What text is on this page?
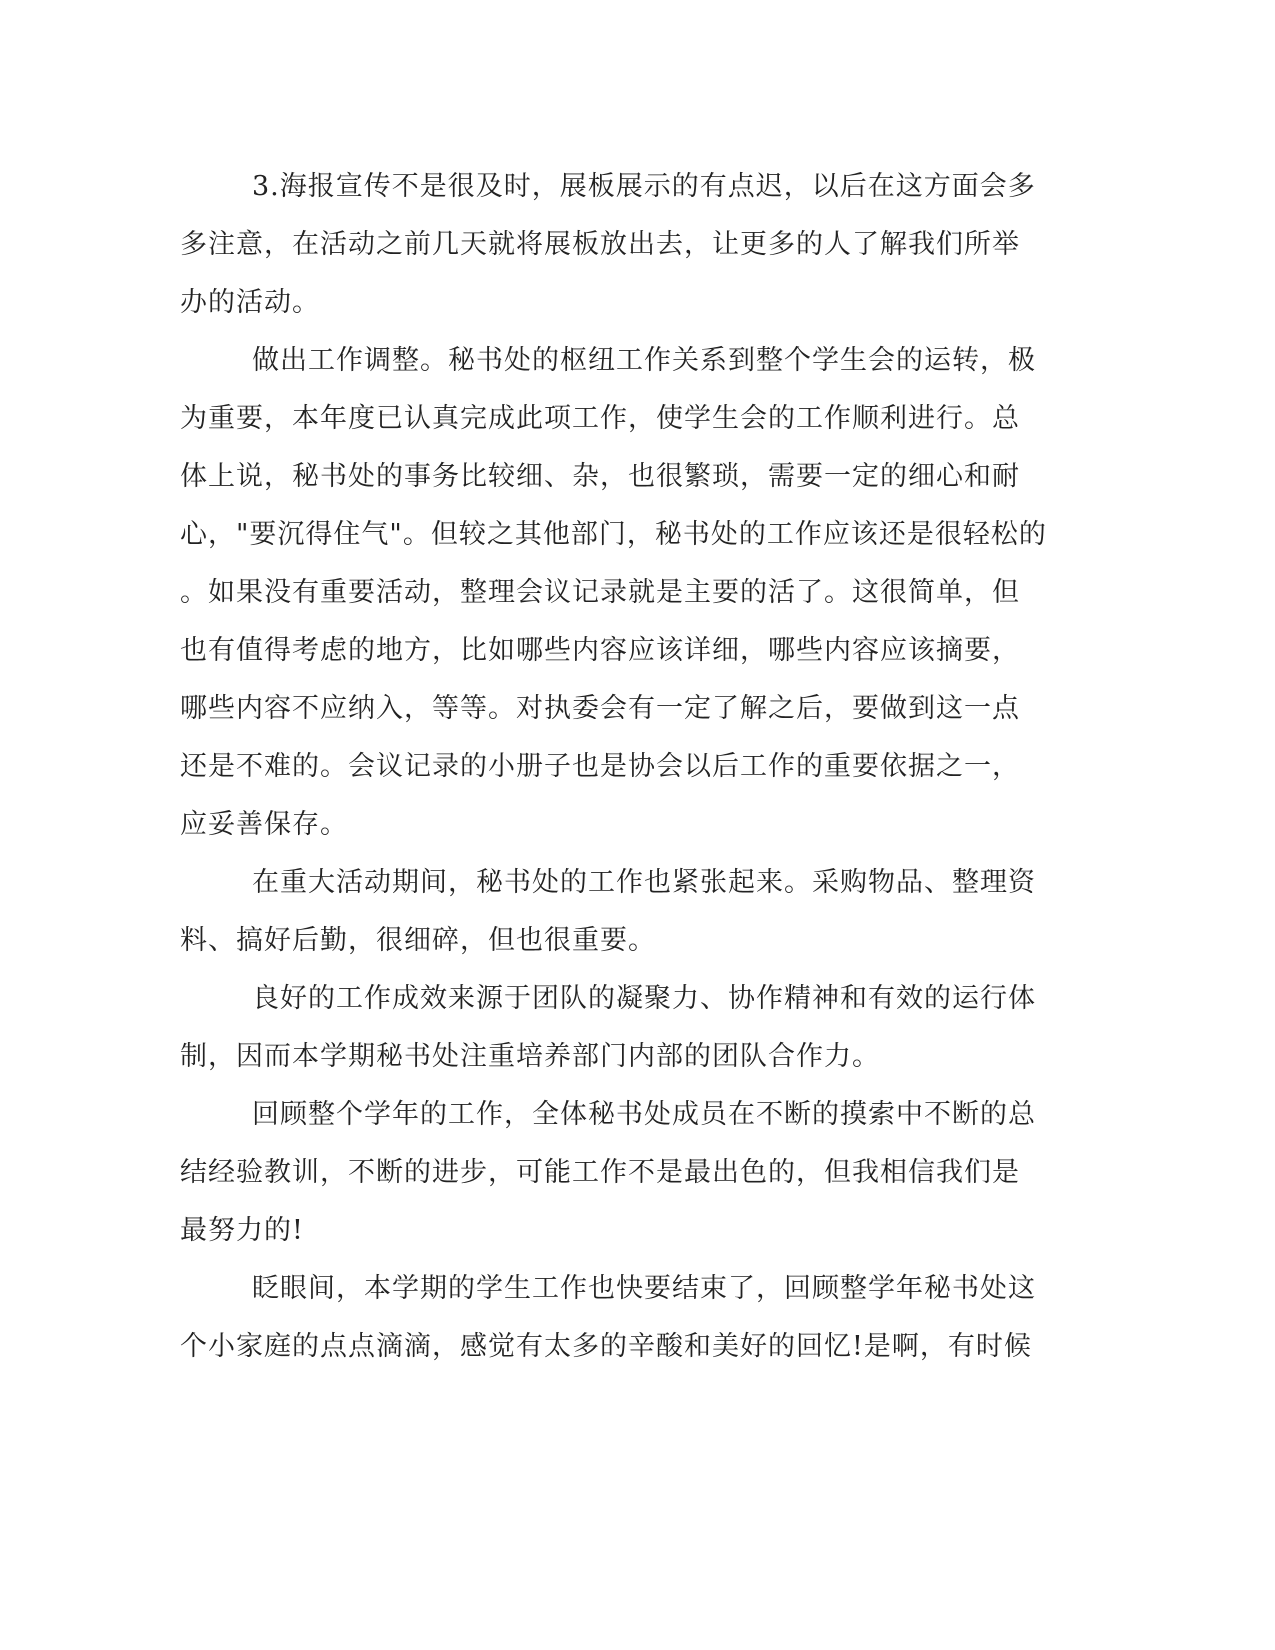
3.海报宣传不是很及时，展板展示的有点迟，以后在这方面会多
多注意，在活动之前几天就将展板放出去，让更多的人了解我们所举
办的活动。

做出工作调整。秘书处的枢纽工作关系到整个学生会的运转，极
为重要，本年度已认真完成此项工作，使学生会的工作顺利进行。总
体上说，秘书处的事务比较细、杂，也很繁琐，需要一定的细心和耐
心，"要沉得住气"。但较之其他部门，秘书处的工作应该还是很轻松的
。如果没有重要活动，整理会议记录就是主要的活了。这很简单，但
也有值得考虑的地方，比如哪些内容应该详细，哪些内容应该摘要，
哪些内容不应纳入，等等。对执委会有一定了解之后，要做到这一点
还是不难的。会议记录的小册子也是协会以后工作的重要依据之一，
应妥善保存。

在重大活动期间，秘书处的工作也紧张起来。采购物品、整理资
料、搞好后勤，很细碎，但也很重要。

良好的工作成效来源于团队的凝聚力、协作精神和有效的运行体
制，因而本学期秘书处注重培养部门内部的团队合作力。

回顾整个学年的工作，全体秘书处成员在不断的摸索中不断的总
结经验教训，不断的进步，可能工作不是最出色的，但我相信我们是
最努力的!

眨眼间，本学期的学生工作也快要结束了，回顾整学年秘书处这
个小家庭的点点滴滴，感觉有太多的辛酸和美好的回忆!是啊，有时候
